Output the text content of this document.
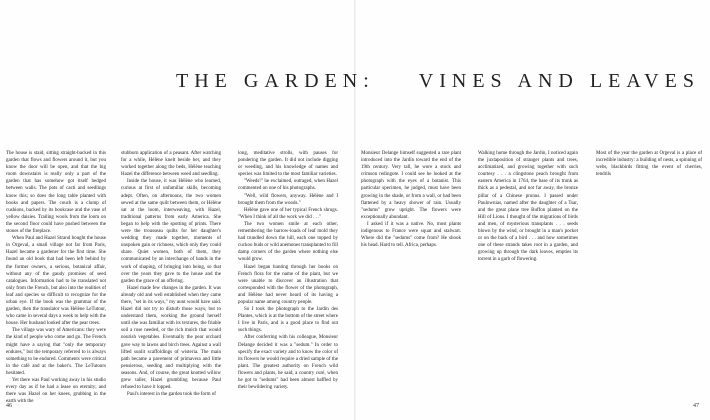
THE GARDEN: VINES AND LEAVES

The house is staid, sitting straight-backed in this garden that flows and flowers around it, but you know the door will be open, and that the big room downstairs is really only a part of the garden that has somehow got itself hedged between walls. The pots of cacti and seedlings know this; so does the long table planted with books and papers. The couch is a clump of cushions, backed by its bookcase and the vase of yellow daisies. Trailing wools from the loom on the second floor could have pushed between the stones of the fireplace.

When Paul and Hazel Strand bought the house in Orgeval, a small village not far from Paris, Hazel became a gardener for the first time. She found an old book that had been left behind by the former owners, a serious, botanical affair, without any of the gaudy promises of seed catalogues. Information had to be translated not only from the French, but also into the realities of leaf and species so difficult to recognize for the urban eye. If the book was the grammar of the garden, then the translator was Hélène LeTutour, who came in several days a week to help with the house. Her husband looked after the pear trees.

The village was wary of Americans: they were the kind of people who come and go. The French might have a saying that "only the temporary endures," but the temporary referred to is always something to be endured. Comments were critical in the café and at the baker's. The LeTutours hesitated.

Yet there was Paul working away in his studio every day as if he had a lease on eternity; and there was Hazel on her knees, grubbing in the earth with the

stubborn application of a peasant. After watching for a while, Hélène knelt beside her, and they worked together along the beds, Hélène teaching Hazel the difference between weed and seedling.

Inside the house, it was Hélène who learned, curious at first of unfamiliar skills, becoming adept. Often, on afternoons, the two women sewed at the same quilt between them, or Hélène sat at the loom, interweaving, with Hazel, traditional patterns from early America. She began to help with the spotting of prints. There were the trousseau quilts for her daughter's wedding they made together, moments of unspoken gain or richness, which only they could share. Quiet women, both of them, they communicated by an interchange of hands in the work of shaping, of bringing into being, so that over the years they gave to the house and the garden the grace of an offering.

Hazel made few changes in the garden. It was already old and well established when they came there, "set in its ways," my aunt would have said. Hazel did not try to disturb those ways, but to understand them, working the ground herself until she was familiar with its textures, the friable soil a rose needed, or the rich mulch that would nourish vegetables. Eventually the pear orchard gave way to lawns and birch trees. Against a wall lifted sunlit scaffoldings of wisteria. The main path became a pavement of primavera and little pensieroso, seeding and multiplying with the seasons. And, of course, the great knotted willow grew taller, Hazel grumbling because Paul refused to have it lopped.

Paul's interest in the garden took the form of

long, meditative strolls, with pauses for pondering the garden. It did not include digging or weeding, and his knowledge of names and species was limited to the most familiar varieties.

"Weeds!" he exclaimed, outraged, when Hazel commented on one of his photographs.

"Well, wild flowers, anyway. Hélène and I brought them from the woods."

Hélène gave one of her typical French shrugs. "When I think of all the work we did . . ."

The two women smile at each other, remembering the barrow-loads of leaf mold they had trundled down the hill, each one topped by cuckoo buds or wild anemones transplanted to fill damp corners of the garden where nothing else would grow.

Hazel began hunting through her books on French flora for the name of the plant, but we were unable to discover an illustration that corresponded with the flower of the photograph, and Hélène had never heard of its having a popular name among country people.

So I took the photograph to the Jardin des Plantes, which is at the bottom of the street where I live in Paris, and is a good place to find out such things.

After conferring with his colleague, Monsieur Delange decided it was a "sedum." In order to specify the exact variety and to know the color of its flowers he would require a dried sample of the plant. The greatest authority on French wild flowers and plants, he said, a country curé, when he got to "sedums" had been almost baffled by their bewildering variety.

Monsieur Delange himself suggested a rare plant introduced into the Jardin toward the end of the 19th century. Very tall, he wore a stock and crimson redingote. I could see he looked at the photograph with the eyes of a botanist. This particular specimen, he judged, must have been growing in the shade, or from a wall, or had been flattened by a heavy shower of rain. Usually "sedums" grow upright. The flowers were exceptionally abundant.

I asked if it was a native. No, most plants indigenous to France were squat and stalwart. Where did the "sedums" come from? He shook his head. Hard to tell. Africa, perhaps.

Walking home through the Jardin, I noticed again the juxtaposition of stranger plants and trees, acclimatized, and growing together with such courtesy . . . a clingstone peach brought from eastern America in 1764, the base of its trunk as thick as a pedestal, and not far away, the bronze pillar of a Chinese prunus. I passed under Paulownias, named after the daughter of a Tsar, and the great plane tree Buffon planted on the Hill of Lions. I thought of the migrations of birds and men, of mysterious transplants . . . seeds blown by the wind, or brought in a man's pocket or on the back of a bird . . . and how sometimes one of these strands takes root in a garden, and growing up through the dark leaves, empties its torrent in a garb of flowering.

Most of the year the garden at Orgeval is a place of incredible industry: a building of nests, a spinning of webs, blackbirds fitting the event of cherries, tendrils

46	47
